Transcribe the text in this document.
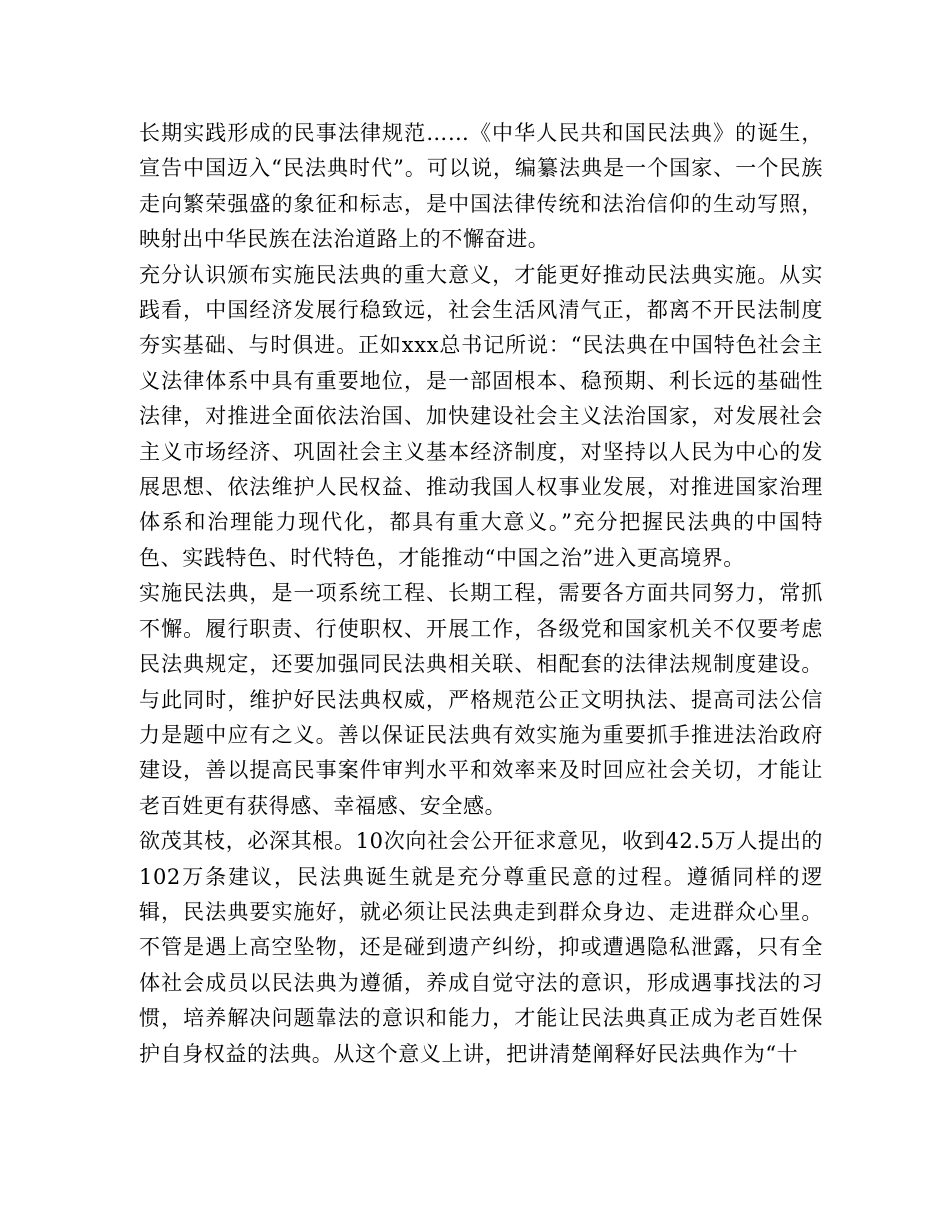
长期实践形成的民事法律规范……《中华人民共和国民法典》的诞生，宣告中国迈入“民法典时代”。可以说，编纂法典是一个国家、一个民族走向繁荣强盛的象征和标志，是中国法律传统和法治信仰的生动写照，映射出中华民族在法治道路上的不懈奋进。

充分认识颁布实施民法典的重大意义，才能更好推动民法典实施。从实践看，中国经济发展行稳致远，社会生活风清气正，都离不开民法制度夯实基础、与时俱进。正如xxx总书记所说：“民法典在中国特色社会主义法律体系中具有重要地位，是一部固根本、稳预期、利长远的基础性法律，对推进全面依法治国、加快建设社会主义法治国家，对发展社会主义市场经济、巩固社会主义基本经济制度，对坚持以人民为中心的发展思想、依法维护人民权益、推动我国人权事业发展，对推进国家治理体系和治理能力现代化，都具有重大意义。”充分把握民法典的中国特色、实践特色、时代特色，才能推动“中国之治”进入更高境界。

实施民法典，是一项系统工程、长期工程，需要各方面共同努力，常抓不懈。履行职责、行使职权、开展工作，各级党和国家机关不仅要考虑民法典规定，还要加强同民法典相关联、相配套的法律法规制度建设。与此同时，维护好民法典权威，严格规范公正文明执法、提高司法公信力是题中应有之义。善以保证民法典有效实施为重要抓手推进法治政府建设，善以提高民事案件审判水平和效率来及时回应社会关切，才能让老百姓更有获得感、幸福感、安全感。

欲茂其枝，必深其根。10次向社会公开征求意见，收到42.5万人提出的102万条建议，民法典诞生就是充分尊重民意的过程。遵循同样的逻辑，民法典要实施好，就必须让民法典走到群众身边、走进群众心里。不管是遇上高空坠物，还是碰到遗产纠纷，抑或遭遇隐私泄露，只有全体社会成员以民法典为遵循，养成自觉守法的意识，形成遇事找法的习惯，培养解决问题靠法的意识和能力，才能让民法典真正成为老百姓保护自身权益的法典。从这个意义上讲，把讲清楚阐释好民法典作为“十
